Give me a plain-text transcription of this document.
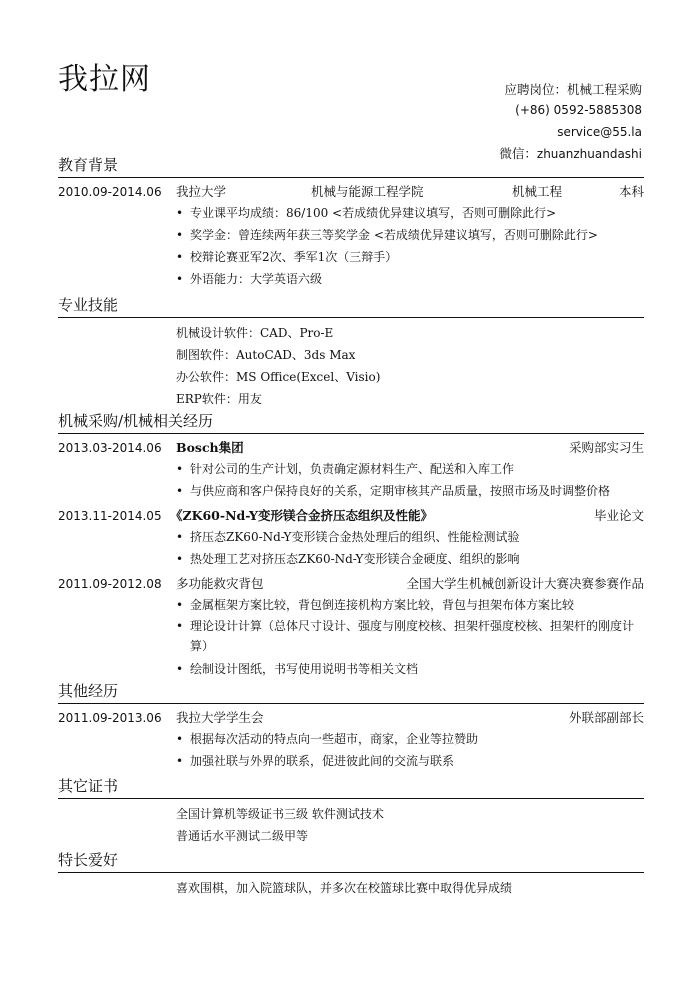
我拉网	应聘岗位：机械工程采购
(+86) 0592-5885308
service@55.la
微信：zhuanzhuandashi
教育背景
2010.09-2014.06 我拉大学	机械与能源工程学院	机械工程	本科
• 专业课平均成绩：86/100 <若成绩优异建议填写，否则可删除此行>
• 奖学金：曾连续两年获三等奖学金 <若成绩优异建议填写，否则可删除此行>
• 校辩论赛亚军2次、季军1次（三辩手）
• 外语能力：大学英语六级
专业技能
机械设计软件：CAD、Pro-E
制图软件：AutoCAD、3ds Max
办公软件：MS Office(Excel、Visio)
ERP软件：用友
机械采购/机械相关经历
2013.03-2014.06 Bosch集团	采购部实习生
• 针对公司的生产计划，负责确定源材料生产、配送和入库工作
• 与供应商和客户保持良好的关系，定期审核其产品质量，按照市场及时调整价格
2013.11-2014.05 《ZK60-Nd-Y变形镁合金挤压态组织及性能》	毕业论文
• 挤压态ZK60-Nd-Y变形镁合金热处理后的组织、性能检测试验
• 热处理工艺对挤压态ZK60-Nd-Y变形镁合金硬度、组织的影响
2011.09-2012.08 多功能救灾背包	全国大学生机械创新设计大赛决赛参赛作品
• 金属框架方案比较，背包倒连接机构方案比较，背包与担架布体方案比较
• 理论设计计算（总体尺寸设计、强度与刚度校核、担架杆强度校核、担架杆的刚度计算）
• 绘制设计图纸，书写使用说明书等相关文档
其他经历
2011.09-2013.06 我拉大学学生会	外联部副部长
• 根据每次活动的特点向一些超市，商家，企业等拉赞助
• 加强社联与外界的联系，促进彼此间的交流与联系
其它证书
全国计算机等级证书三级 软件测试技术
普通话水平测试二级甲等
特长爱好
喜欢围棋，加入院篮球队，并多次在校篮球比赛中取得优异成绩
